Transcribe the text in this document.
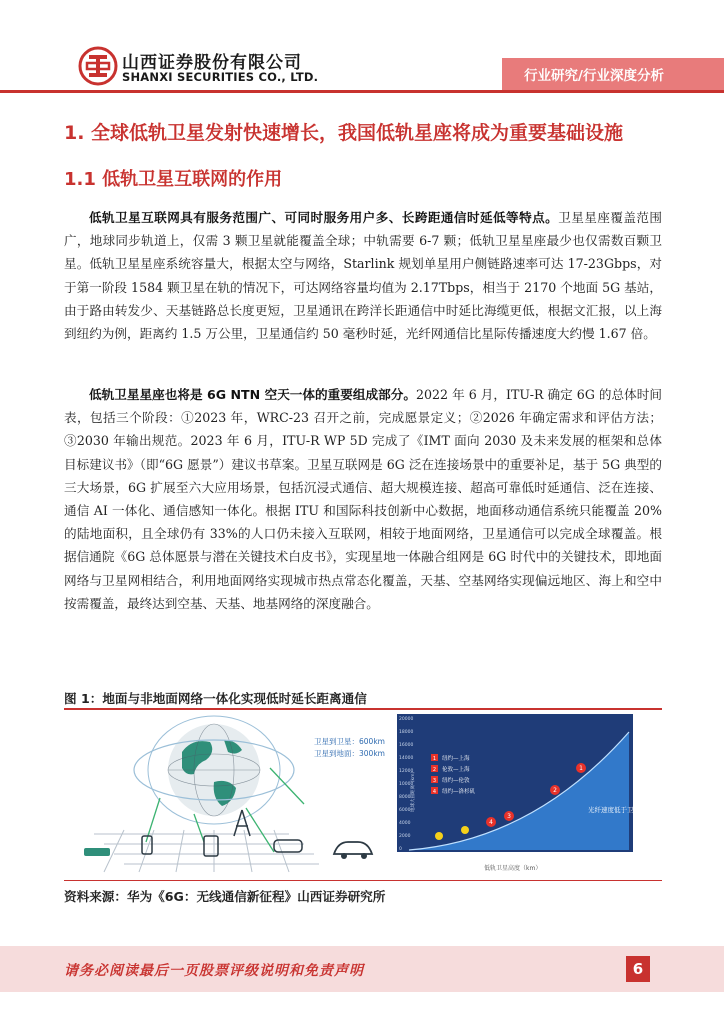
山西证券股份有限公司
SHANXI SECURITIES CO., LTD.	行业研究/行业深度分析
1. 全球低轨卫星发射快速增长，我国低轨星座将成为重要基础设施
1.1 低轨卫星互联网的作用
低轨卫星互联网具有服务范围广、可同时服务用户多、长跨距通信时延低等特点。卫星星座覆盖范围广，地球同步轨道上，仅需 3 颗卫星就能覆盖全球；中轨需要 6-7 颗；低轨卫星星座最少也仅需数百颗卫星。低轨卫星星座系统容量大，根据太空与网络，Starlink 规划单星用户侧链路速率可达 17-23Gbps，对于第一阶段 1584 颗卫星在轨的情况下，可达网络容量均值为 2.17Tbps，相当于 2170 个地面 5G 基站，由于路由转发少、天基链路总长度更短，卫星通讯在跨洋长距通信中时延比海缆更低，根据文汇报，以上海到纽约为例，距离约 1.5 万公里，卫星通信约 50 毫秒时延，光纤网通信比星际传播速度大约慢 1.67 倍。
低轨卫星星座也将是 6G NTN 空天一体的重要组成部分。2022 年 6 月，ITU-R 确定 6G 的总体时间表，包括三个阶段：①2023 年，WRC-23 召开之前，完成愿景定义；②2026 年确定需求和评估方法；③2030 年输出规范。2023 年 6 月，ITU-R WP 5D 完成了《IMT 面向 2030 及未来发展的框架和总体目标建议书》（即“6G 愿景”）建议书草案。卫星互联网是 6G 泛在连接场景中的重要补足，基于 5G 典型的三大场景，6G 扩展至六大应用场景，包括沉浸式通信、超大规模连接、超高可靠低时延通信、泛在连接、通信 AI 一体化、通信感知一体化。根据 ITU 和国际科技创新中心数据，地面移动通信系统只能覆盖 20%的陆地面积，且全球仍有 33%的人口仍未接入互联网，相较于地面网络，卫星通信可以完成全球覆盖。根据信通院《6G 总体愿景与潜在关键技术白皮书》，实现星地一体融合组网是 6G 时代中的关键技术，即地面网络与卫星网相结合，利用地面网络实现城市热点常态化覆盖，天基、空基网络实现偏远地区、海上和空中按需覆盖，最终达到空基、天基、地基网络的深度融合。
图 1：地面与非地面网络一体化实现低时延长距离通信
卫星到卫星：600km
卫星到地面：300km
20000
18000
16000
14000
12000
10000
8000
6000
4000
2000
0
地球大圆距离（km）
1 纽约—上海
2 伦敦—上海
3 纽约—伦敦
4 纽约—洛杉矶
1
2
3
4
光纤速度低于卫星的区域
低轨卫星高度（km）
资料来源：华为《6G：无线通信新征程》山西证券研究所
请务必阅读最后一页股票评级说明和免责声明	6
